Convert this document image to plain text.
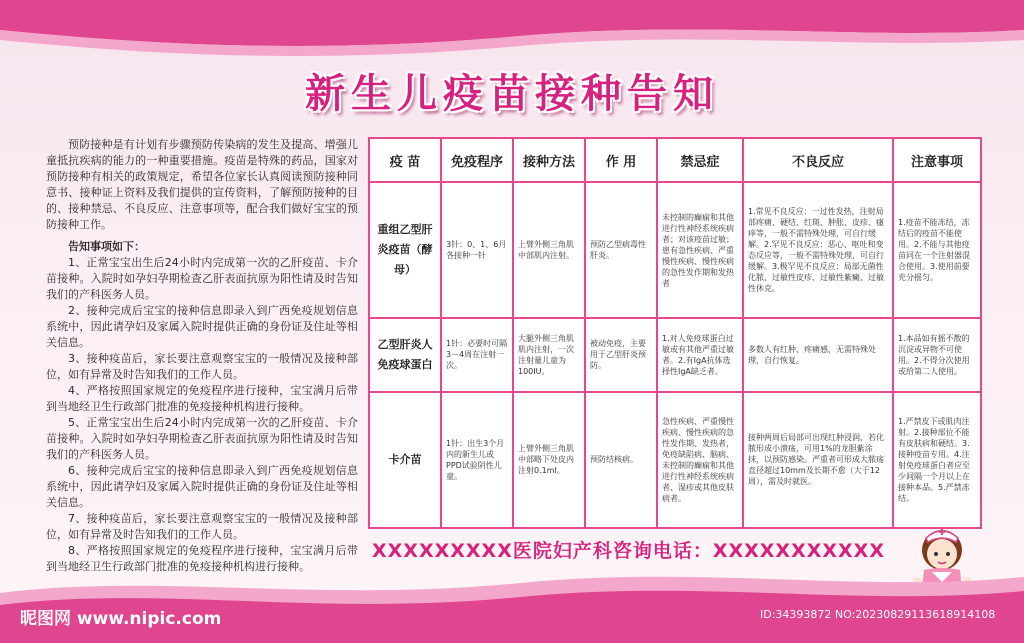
新生儿疫苗接种告知

预防接种是有计划有步骤预防传染病的发生及提高、增强儿童抵抗疾病的能力的一种重要措施。疫苗是特殊的药品，国家对预防接种有相关的政策规定，希望各位家长认真阅读预防接种同意书、接种证上资料及我们提供的宣传资料，了解预防接种的目的、接种禁忌、不良反应、注意事项等，配合我们做好宝宝的预防接种工作。

告知事项如下：

1、正常宝宝出生后24小时内完成第一次的乙肝疫苗、卡介苗接种。入院时如孕妇孕期检查乙肝表面抗原为阳性请及时告知我们的产科医务人员。

2、接种完成后宝宝的接种信息即录入到广西免疫规划信息系统中，因此请孕妇及家属入院时提供正确的身份证及住址等相关信息。

3、接种疫苗后，家长要注意观察宝宝的一般情况及接种部位，如有异常及时告知我们的工作人员。

4、严格按照国家规定的免疫程序进行接种，宝宝满月后带到当地经卫生行政部门批准的免疫接种机构进行接种。

5、正常宝宝出生后24小时内完成第一次的乙肝疫苗、卡介苗接种。入院时如孕妇孕期检查乙肝表面抗原为阳性请及时告知我们的产科医务人员。

6、接种完成后宝宝的接种信息即录入到广西免疫规划信息系统中，因此请孕妇及家属入院时提供正确的身份证及住址等相关信息。

7、接种疫苗后，家长要注意观察宝宝的一般情况及接种部位，如有异常及时告知我们的工作人员。

8、严格按照国家规定的免疫程序进行接种，宝宝满月后带到当地经卫生行政部门批准的免疫接种机构进行接种。

疫 苗	免疫程序	接种方法	作 用	禁忌症	不良反应	注意事项
重组乙型肝炎疫苗（酵母）	3针：0、1、6月各接种一针	上臂外侧三角肌中部肌内注射。	预防乙型病毒性肝炎。	未控制的癫痫和其他进行性神经系统疾病者；对该疫苗过敏；患有急性疾病、严重慢性疾病、慢性疾病的急性发作期和发热者	1.常见不良反应：一过性发热，注射局部疼痛、硬结、红斑、肿胀、皮疹、瘙痒等，一般不需特殊处理，可自行缓解。2.罕见不良反应：恶心、呕吐和变态反应等，一般不需特殊处理，可自行缓解。3.极罕见不良反应：局部无菌性化脓、过敏性皮疹、过敏性紫癜、过敏性休克。	1.疫苗不能冻结，冻结后的疫苗不能使用。2.不能与其他疫苗同在一个注射器混合使用。3.使用前要充分摇匀。
乙型肝炎人免疫球蛋白	1针：必要时可隔3－4周在注射一次。	大腿外侧三角肌肌内注射，一次注射量儿童为100IU。	被动免疫，主要用于乙型肝炎预防。	1.对人免疫球蛋白过敏或有其他严重过敏者。2.有IgA抗体选择性IgA缺乏者。	多数人有红肿、疼痛感，无需特殊处理，自行恢复。	1.本品如有摇不散的沉淀或异物不可使用。2.不得分次使用或给第二人使用。
卡介苗	1针：出生3个月内的新生儿或PPD试验阴性儿童。	上臂外侧三角肌中部略下处皮内注射0.1ml。	预防结核病。	急性疾病、严重慢性疾病、慢性疾病的急性发作期、发热者，免疫缺陷病、脑病、未控制的癫痫和其他进行性神经系统疾病者、湿疹或其他皮肤病者。	接种两周后局部可出现红肿浸润，若化脓形成小溃疡，可用1%的龙胆紫涂抹，以预防感染。严重者可形成大脓疡直径超过10mm及长期不愈（大于12周），需及时就医。	1.严禁皮下或肌肉注射。2.接种部位不能有皮肤病和硬结。3.接种疫苗专用。4.注射免疫球蛋白者应至少间隔一个月以上在接种本品。5.严禁冻结。
XXXXXXXXX医院妇产科咨询电话：XXXXXXXXXXX
昵图网 www.nipic.com	ID:34393872 NO:20230829113618914108
